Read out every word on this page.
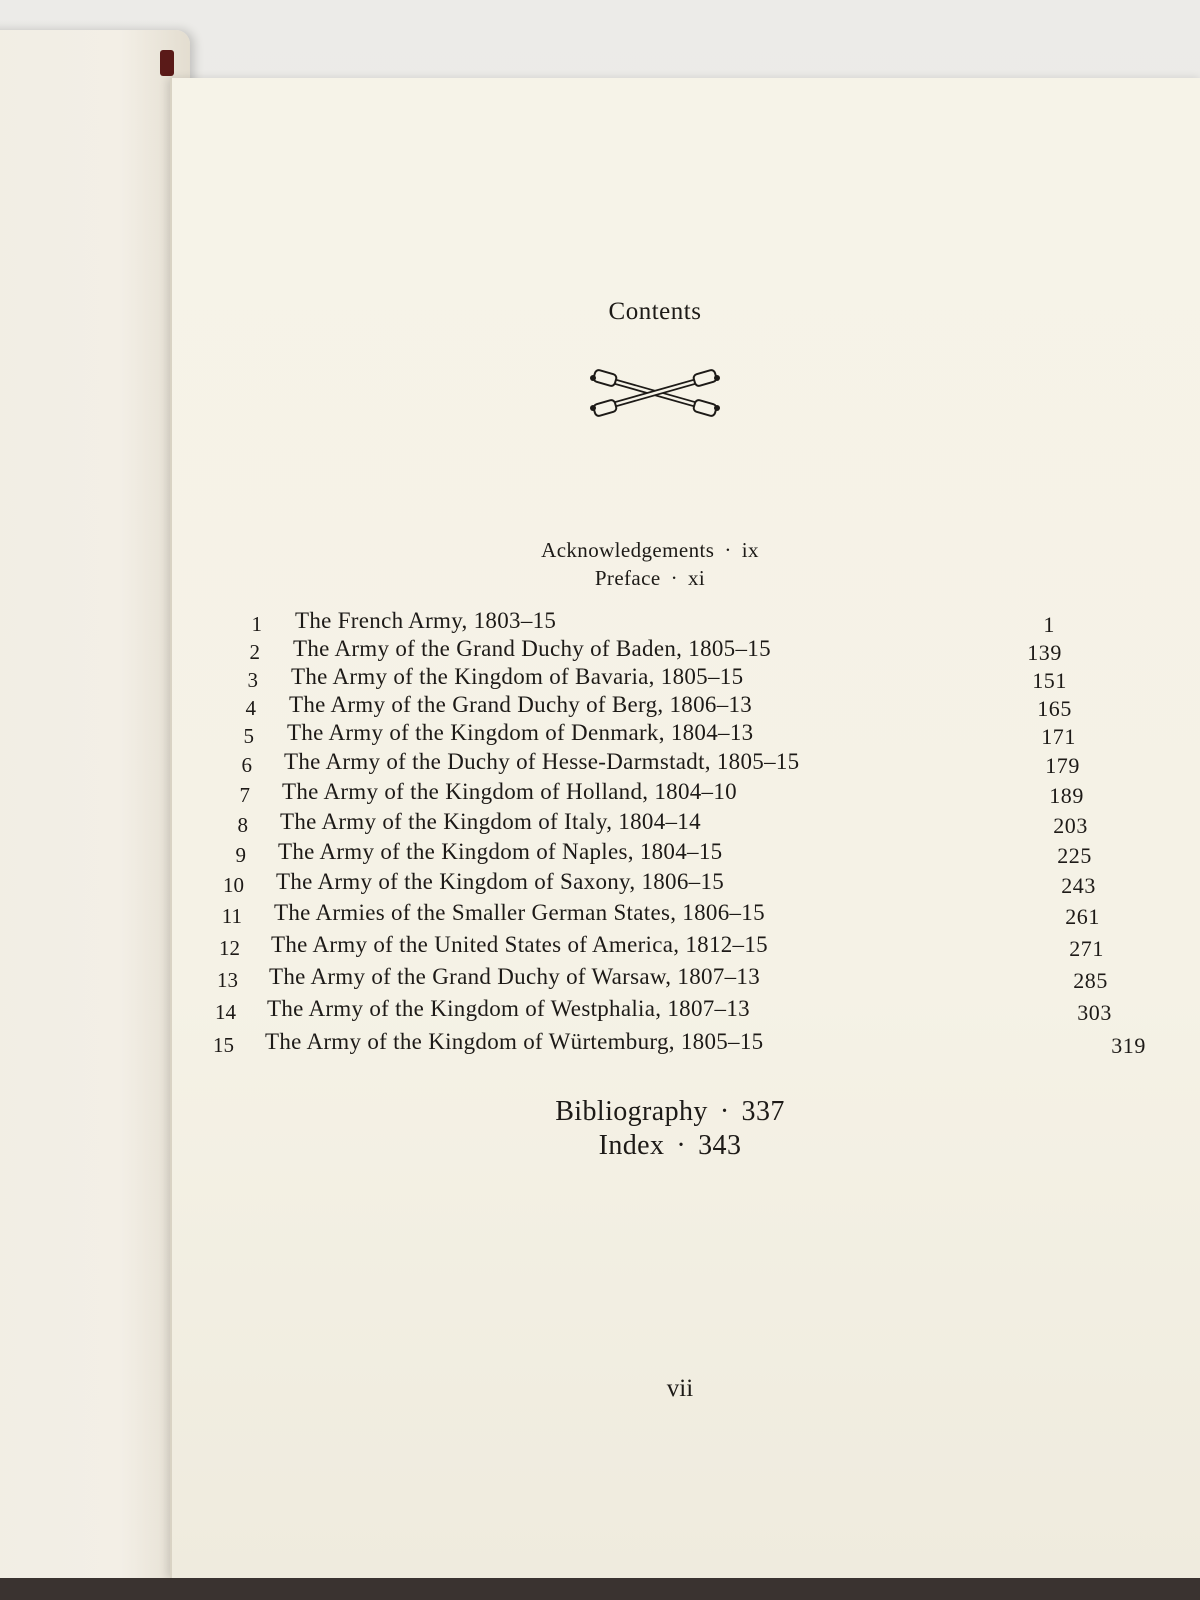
Contents
Acknowledgements · ix
Preface · xi
1 The French Army, 1803–15	1
2 The Army of the Grand Duchy of Baden, 1805–15	139
3 The Army of the Kingdom of Bavaria, 1805–15	151
4 The Army of the Grand Duchy of Berg, 1806–13	165
5 The Army of the Kingdom of Denmark, 1804–13	171
6 The Army of the Duchy of Hesse-Darmstadt, 1805–15	179
7 The Army of the Kingdom of Holland, 1804–10	189
8 The Army of the Kingdom of Italy, 1804–14	203
9 The Army of the Kingdom of Naples, 1804–15	225
10 The Army of the Kingdom of Saxony, 1806–15	243
11 The Armies of the Smaller German States, 1806–15	261
12 The Army of the United States of America, 1812–15	271
13 The Army of the Grand Duchy of Warsaw, 1807–13	285
14 The Army of the Kingdom of Westphalia, 1807–13	303
15 The Army of the Kingdom of Würtemburg, 1805–15	319
Bibliography · 337
Index · 343
vii
